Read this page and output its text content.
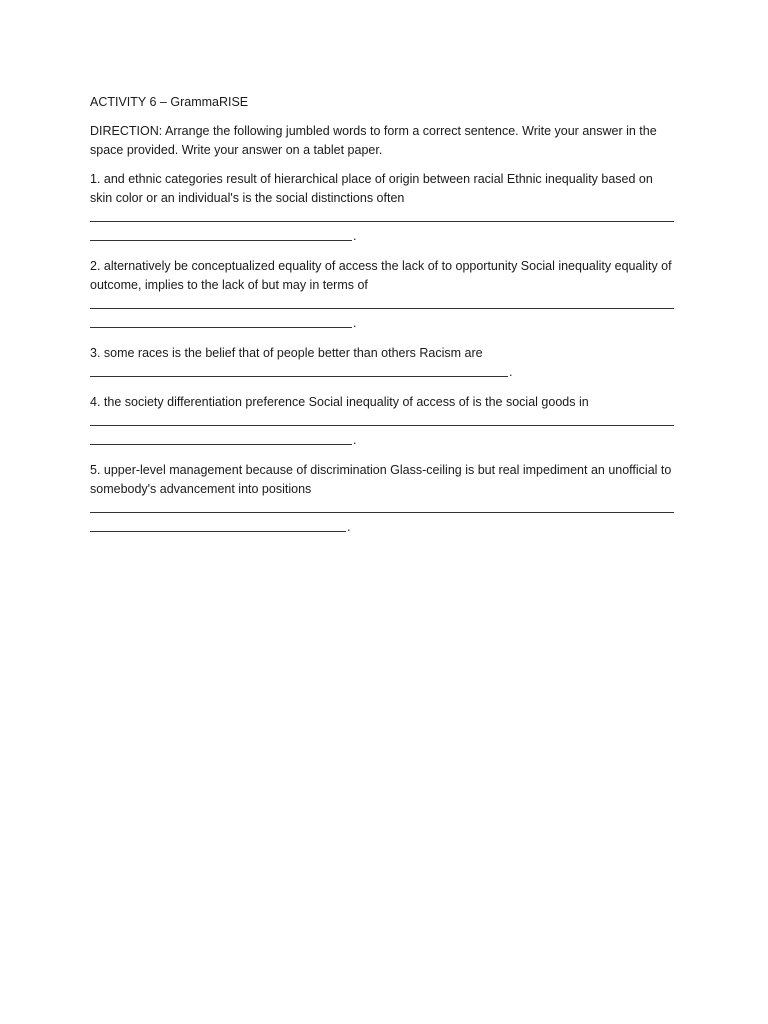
ACTIVITY 6 – GrammaRISE

DIRECTION: Arrange the following jumbled words to form a correct sentence. Write your answer in the space provided. Write your answer on a tablet paper.

1. and ethnic categories result of hierarchical place of origin between racial Ethnic inequality based on skin color or an individual's is the social distinctions often

.

2. alternatively be conceptualized equality of access the lack of to opportunity Social inequality equality of outcome, implies to the lack of but may in terms of

.

3. some races is the belief that of people better than others Racism are

.

4. the society differentiation preference Social inequality of access of is the social goods in

.

5. upper-level management because of discrimination Glass-ceiling is but real impediment an unofficial to somebody's advancement into positions

.
